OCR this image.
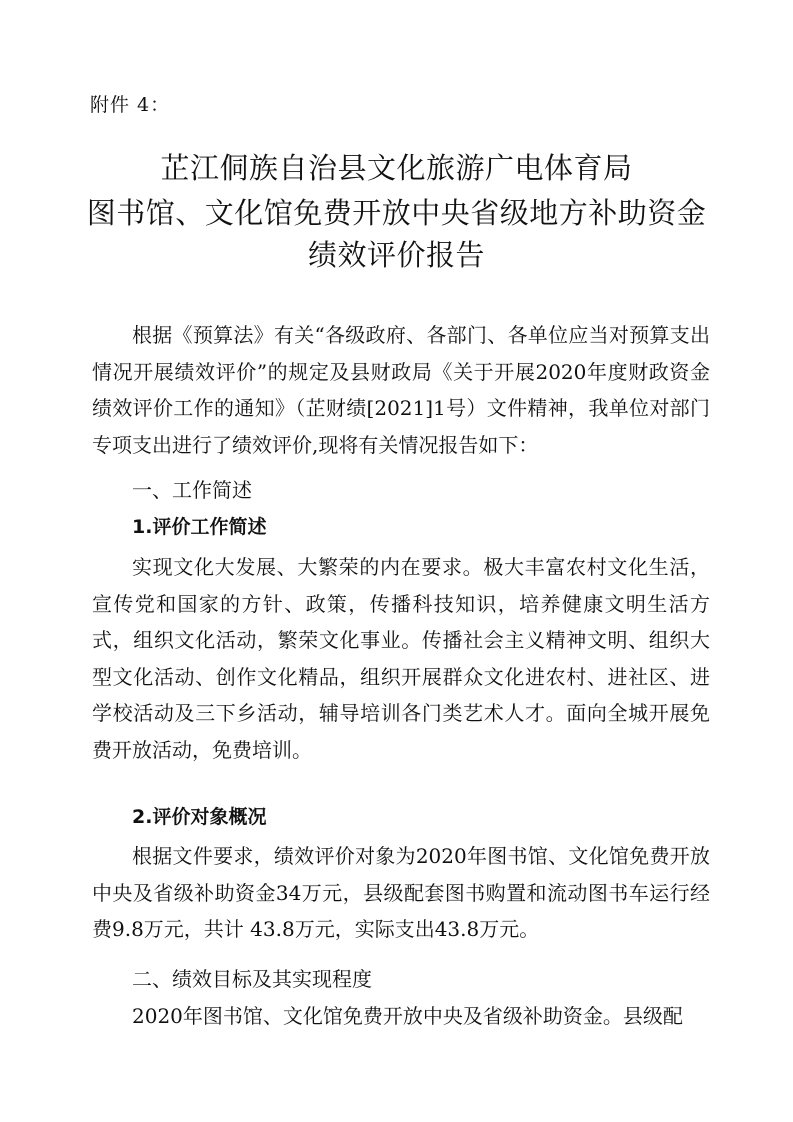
附件 4：
芷江侗族自治县文化旅游广电体育局
图书馆、文化馆免费开放中央省级地方补助资金
绩效评价报告

根据《预算法》有关“各级政府、各部门、各单位应当对预算支出情况开展绩效评价”的规定及县财政局《关于开展2020年度财政资金绩效评价工作的通知》（芷财绩[2021]1号）文件精神，我单位对部门专项支出进行了绩效评价,现将有关情况报告如下：

一、工作简述

1.评价工作简述

实现文化大发展、大繁荣的内在要求。极大丰富农村文化生活，宣传党和国家的方针、政策，传播科技知识，培养健康文明生活方式，组织文化活动，繁荣文化事业。传播社会主义精神文明、组织大型文化活动、创作文化精品，组织开展群众文化进农村、进社区、进学校活动及三下乡活动，辅导培训各门类艺术人才。面向全城开展免费开放活动，免费培训。

2.评价对象概况

根据文件要求，绩效评价对象为2020年图书馆、文化馆免费开放中央及省级补助资金34万元，县级配套图书购置和流动图书车运行经费9.8万元，共计 43.8万元，实际支出43.8万元。

二、绩效目标及其实现程度

2020年图书馆、文化馆免费开放中央及省级补助资金。县级配
